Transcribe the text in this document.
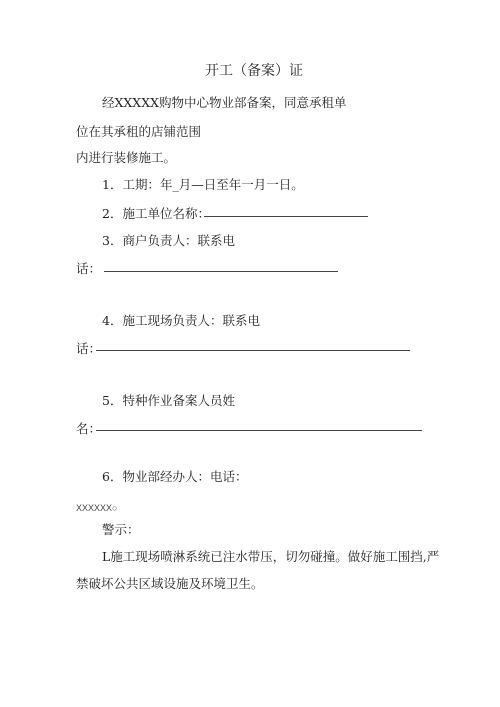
开工（备案）证
经XXXXX购物中心物业部备案，同意承租单
位在其承租的店铺范围
内进行装修施工。
1．工期：年_月—日至年一月一日。
2．施工单位名称：
3．商户负责人：联系电
话：
4．施工现场负责人：联系电
话：
5．特种作业备案人员姓
名：
6．物业部经办人：电话：
XXXXXX○
警示：
L施工现场喷淋系统已注水带压，切勿碰撞。做好施工围挡,严
禁破坏公共区域设施及环境卫生。
